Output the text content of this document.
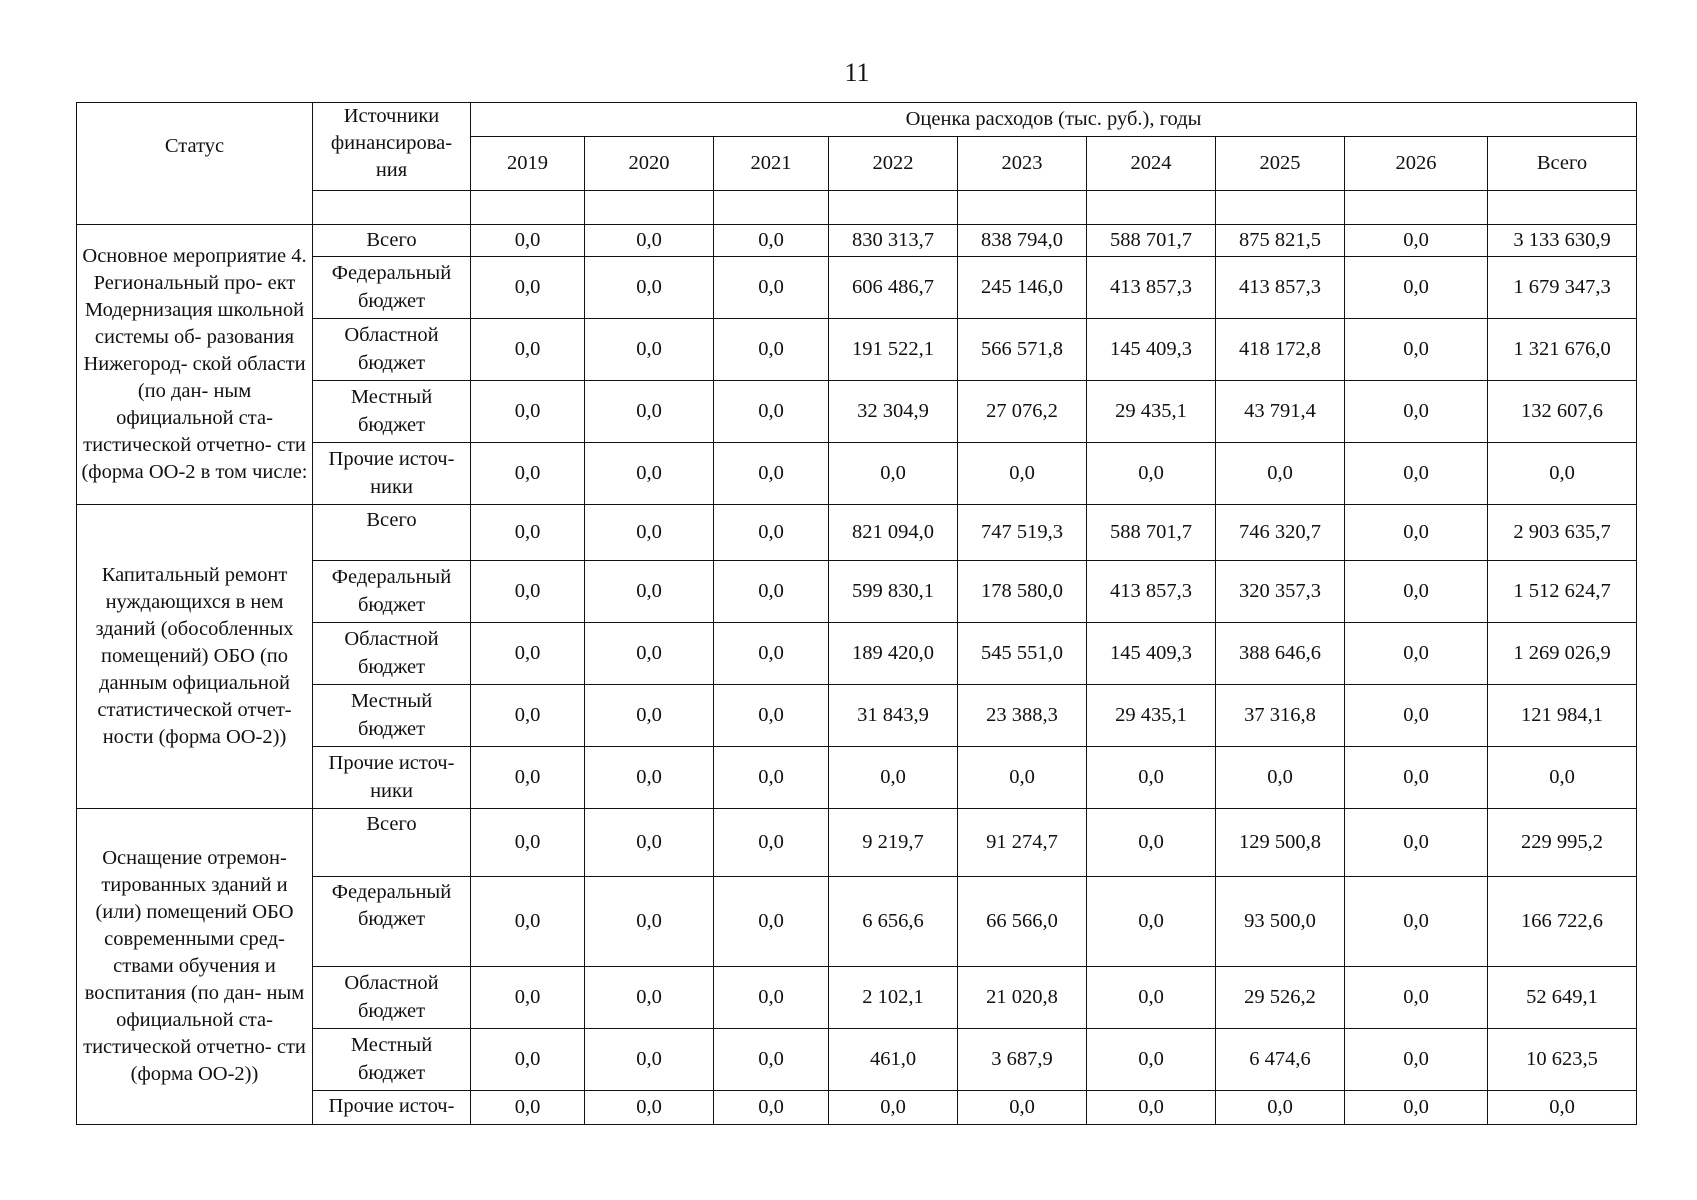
11
Статус	Источники финансирова- ния	Оценка расходов (тыс. руб.), годы								
		2019	2020	2021	2022	2023	2024	2025	2026	Всего

Основное мероприятие 4. Региональный про- ект Модернизация школьной системы об- разования Нижегород- ской области (по дан- ным официальной ста- тистической отчетно- сти (форма ОО-2 в том числе:	Всего	0,0	0,0	0,0	830 313,7	838 794,0	588 701,7	875 821,5	0,0	3 133 630,9
	Федеральный бюджет	0,0	0,0	0,0	606 486,7	245 146,0	413 857,3	413 857,3	0,0	1 679 347,3
	Областной бюджет	0,0	0,0	0,0	191 522,1	566 571,8	145 409,3	418 172,8	0,0	1 321 676,0
	Местный бюджет	0,0	0,0	0,0	32 304,9	27 076,2	29 435,1	43 791,4	0,0	132 607,6
	Прочие источ- ники	0,0	0,0	0,0	0,0	0,0	0,0	0,0	0,0	0,0
Капитальный ремонт нуждающихся в нем зданий (обособленных помещений) ОБО (по данным официальной статистической отчет- ности (форма ОО-2))	Всего	0,0	0,0	0,0	821 094,0	747 519,3	588 701,7	746 320,7	0,0	2 903 635,7
	Федеральный бюджет	0,0	0,0	0,0	599 830,1	178 580,0	413 857,3	320 357,3	0,0	1 512 624,7
	Областной бюджет	0,0	0,0	0,0	189 420,0	545 551,0	145 409,3	388 646,6	0,0	1 269 026,9
	Местный бюджет	0,0	0,0	0,0	31 843,9	23 388,3	29 435,1	37 316,8	0,0	121 984,1
	Прочие источ- ники	0,0	0,0	0,0	0,0	0,0	0,0	0,0	0,0	0,0
Оснащение отремон- тированных зданий и (или) помещений ОБО современными сред- ствами обучения и воспитания (по дан- ным официальной ста- тистической отчетно- сти (форма ОО-2))	Всего	0,0	0,0	0,0	9 219,7	91 274,7	0,0	129 500,8	0,0	229 995,2
	Федеральный бюджет	0,0	0,0	0,0	6 656,6	66 566,0	0,0	93 500,0	0,0	166 722,6
	Областной бюджет	0,0	0,0	0,0	2 102,1	21 020,8	0,0	29 526,2	0,0	52 649,1
	Местный бюджет	0,0	0,0	0,0	461,0	3 687,9	0,0	6 474,6	0,0	10 623,5
	Прочие источ-	0,0	0,0	0,0	0,0	0,0	0,0	0,0	0,0	0,0
